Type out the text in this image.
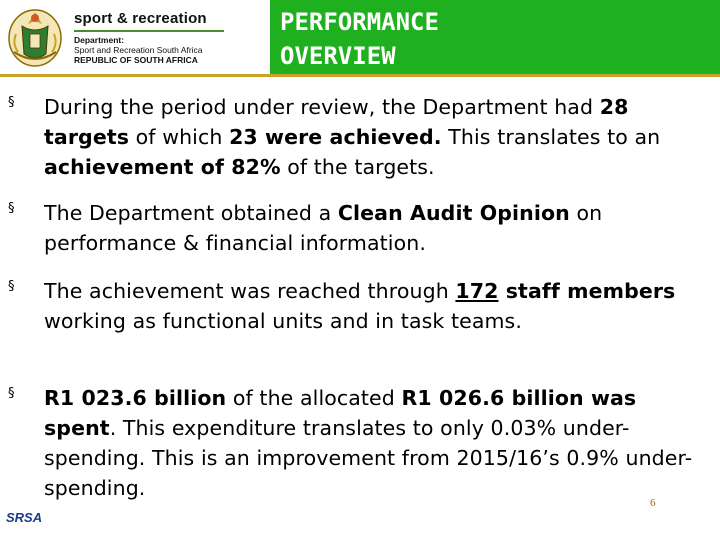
sport & recreation
Department:
Sport and Recreation South Africa
REPUBLIC OF SOUTH AFRICA
PERFORMANCE
OVERVIEW
§	During the period under review, the Department had 28 targets of which 23 were achieved. This translates to an achievement of 82% of the targets.
§	The Department obtained a Clean Audit Opinion on performance & financial information.
§	The achievement was reached through 172 staff members working as functional units and in task teams.
§	R1 023.6 billion of the allocated R1 026.6 billion was spent. This expenditure translates to only 0.03% under-spending. This is an improvement from 2015/16’s 0.9% under-spending.
SRSA
6
